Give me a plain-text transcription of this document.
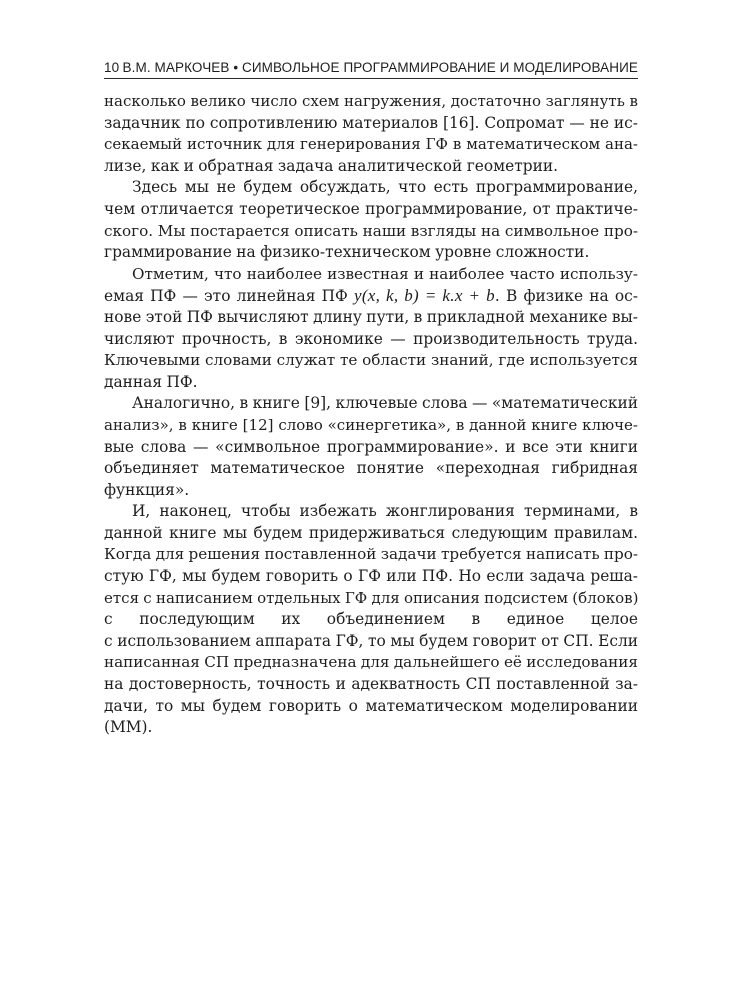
10 В.М. МАРКОЧЕВ • СИМВОЛЬНОЕ ПРОГРАММИРОВАНИЕ И МОДЕЛИРОВАНИЕ
насколько велико число схем нагружения, достаточно заглянуть в
задачник по сопротивлению материалов [16]. Сопромат — не ис-
секаемый источник для генерирования ГФ в математическом ана-
лизе, как и обратная задача аналитической геометрии.
Здесь мы не будем обсуждать, что есть программирование,
чем отличается теоретическое программирование, от практиче-
ского. Мы постарается описать наши взгляды на символьное про-
граммирование на физико-техническом уровне сложности.
Отметим, что наиболее известная и наиболее часто использу-
емая ПФ — это линейная ПФ y(x, k, b) = k.x + b. В физике на ос-
нове этой ПФ вычисляют длину пути, в прикладной механике вы-
числяют прочность, в экономике — производительность труда.
Ключевыми словами служат те области знаний, где используется
данная ПФ.
Аналогично, в книге [9], ключевые слова — «математический
анализ», в книге [12] слово «синергетика», в данной книге ключе-
вые слова — «символьное программирование». и все эти книги
объединяет математическое понятие «переходная гибридная
функция».
И, наконец, чтобы избежать жонглирования терминами, в
данной книге мы будем придерживаться следующим правилам.
Когда для решения поставленной задачи требуется написать про-
стую ГФ, мы будем говорить о ГФ или ПФ. Но если задача реша-
ется с написанием отдельных ГФ для описания подсистем (блоков)
с последующим их объединением в единое целое
с использованием аппарата ГФ, то мы будем говорит от СП. Если
написанная СП предназначена для дальнейшего её исследования
на достоверность, точность и адекватность СП поставленной за-
дачи, то мы будем говорить о математическом моделировании
(ММ).
